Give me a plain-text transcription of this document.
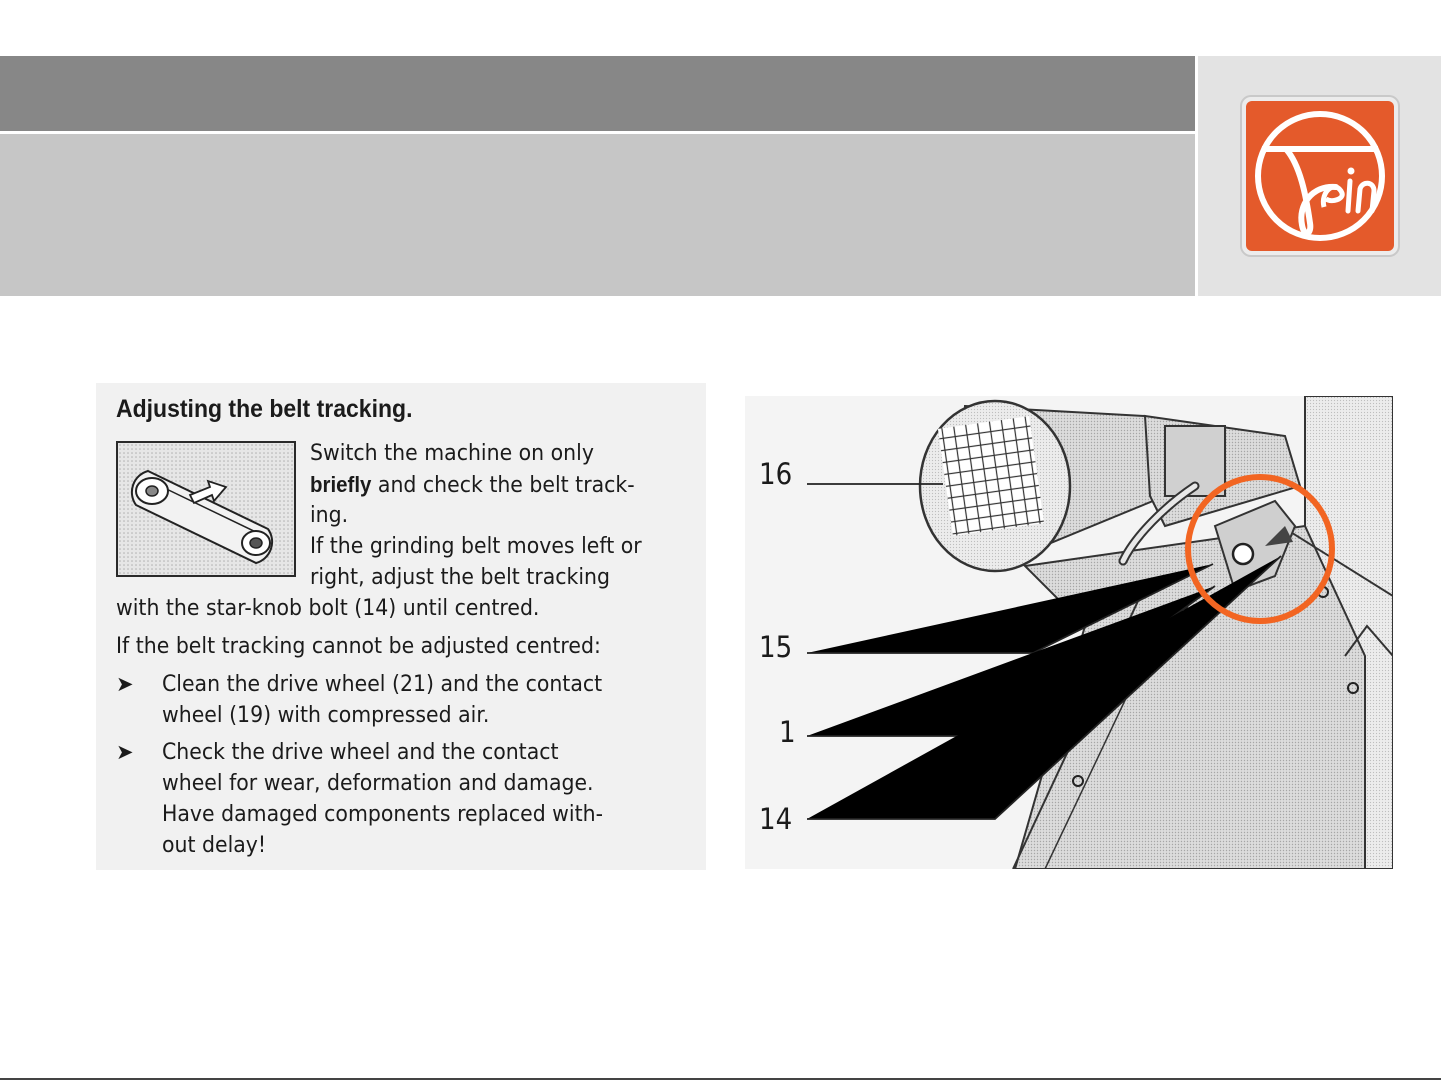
Adjusting the belt tracking.

Switch the machine on only

briefly and check the belt track-

ing.

If the grinding belt moves left or

right, adjust the belt tracking

with the star-knob bolt (14) until centred.

If the belt tracking cannot be adjusted centred:

➤ Clean the drive wheel (21) and the contact

wheel (19) with compressed air.

➤ Check the drive wheel and the contact

wheel for wear, deformation and damage.

Have damaged components replaced with-

out delay!

16
15
1
14
